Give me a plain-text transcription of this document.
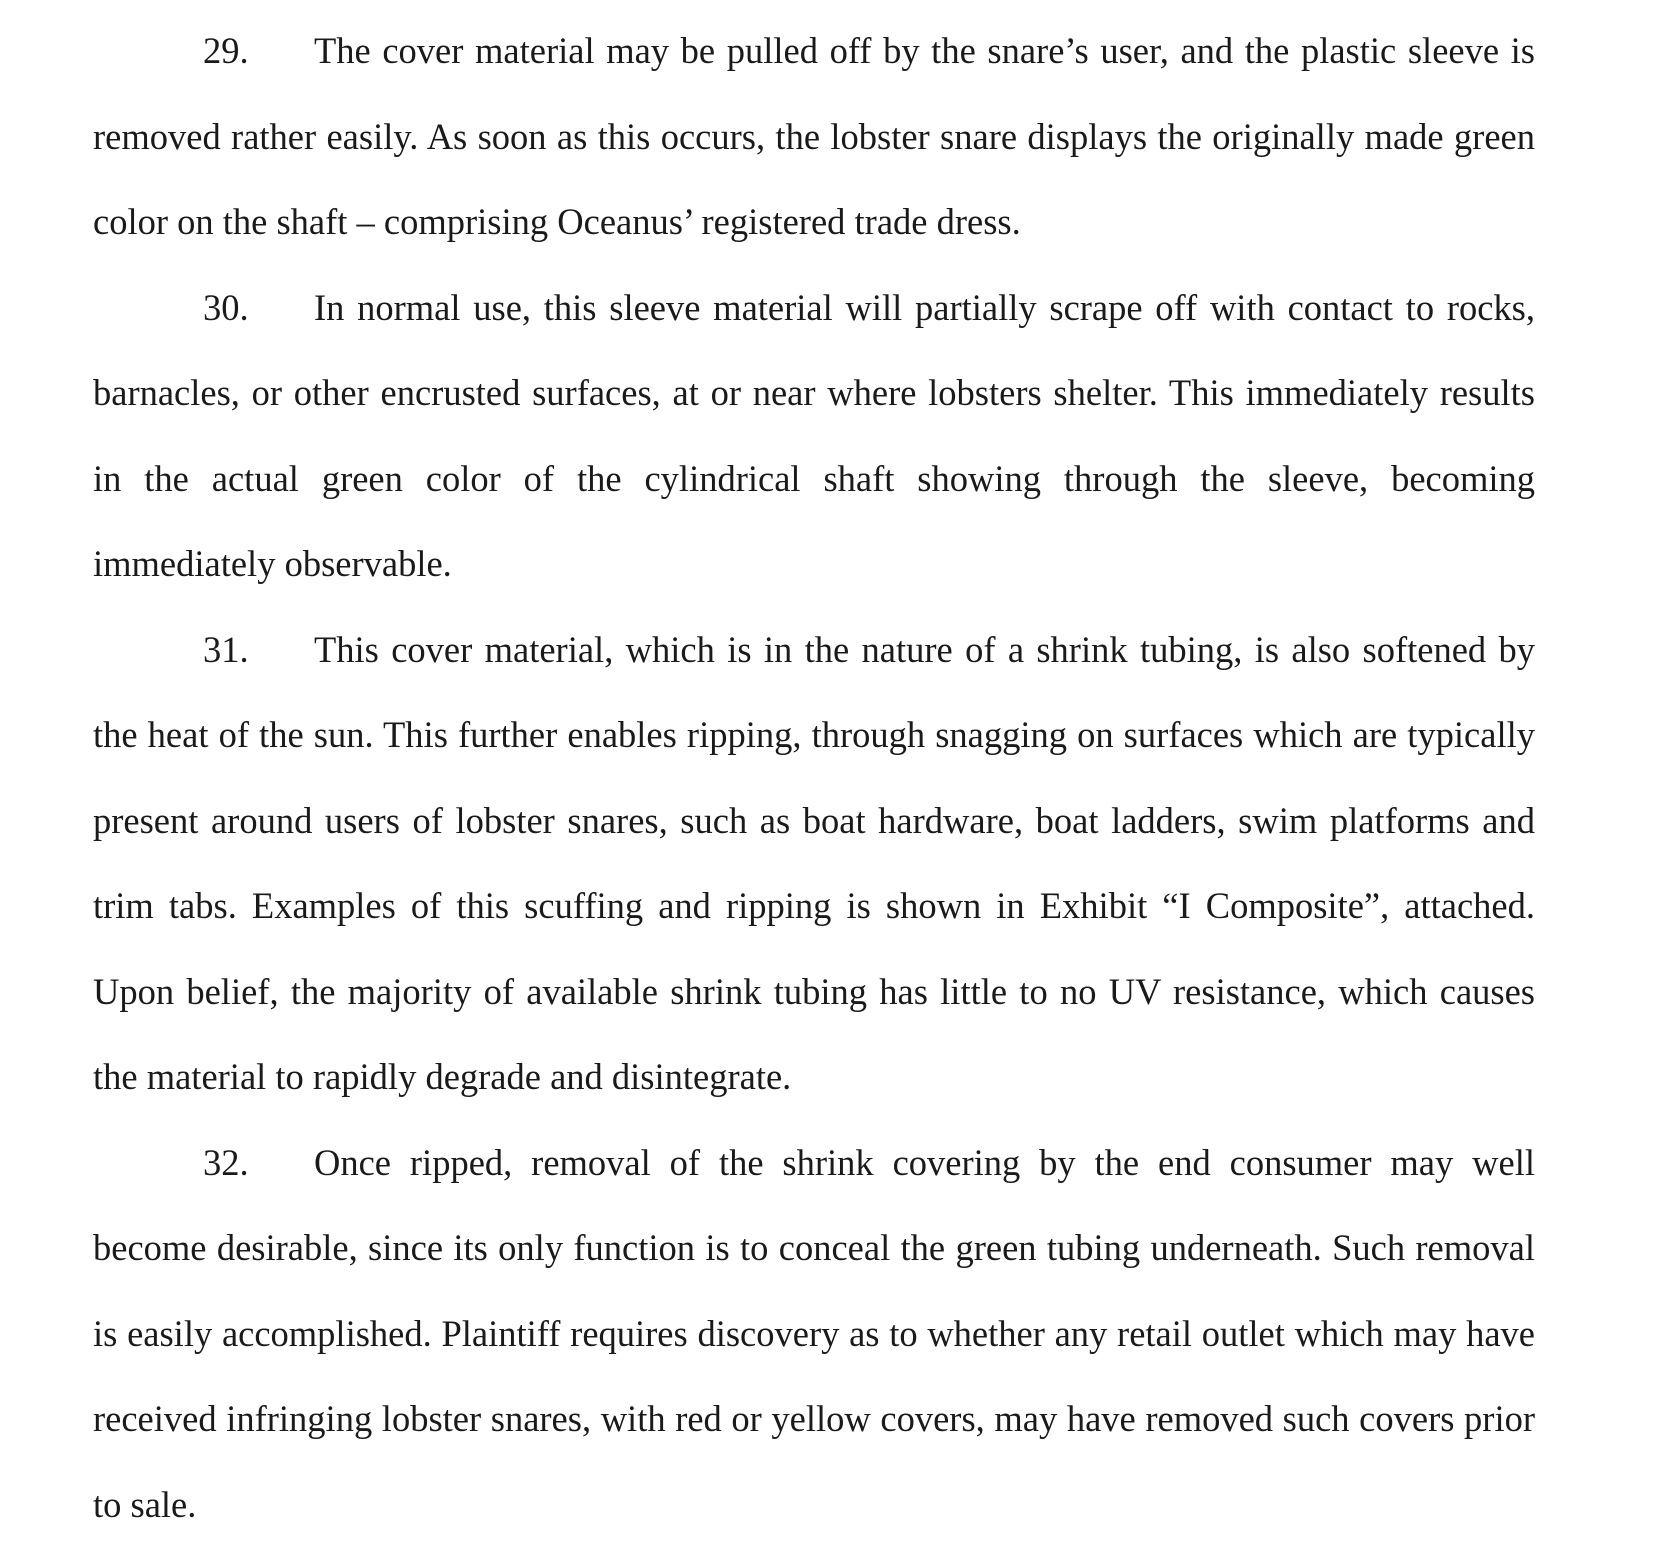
29. The cover material may be pulled off by the snare’s user, and the plastic sleeve is removed rather easily. As soon as this occurs, the lobster snare displays the originally made green color on the shaft – comprising Oceanus’ registered trade dress.

30. In normal use, this sleeve material will partially scrape off with contact to rocks, barnacles, or other encrusted surfaces, at or near where lobsters shelter. This immediately results in the actual green color of the cylindrical shaft showing through the sleeve, becoming immediately observable.

31. This cover material, which is in the nature of a shrink tubing, is also softened by the heat of the sun. This further enables ripping, through snagging on surfaces which are typically present around users of lobster snares, such as boat hardware, boat ladders, swim platforms and trim tabs. Examples of this scuffing and ripping is shown in Exhibit “I Composite”, attached. Upon belief, the majority of available shrink tubing has little to no UV resistance, which causes the material to rapidly degrade and disintegrate.

32. Once ripped, removal of the shrink covering by the end consumer may well become desirable, since its only function is to conceal the green tubing underneath. Such removal is easily accomplished. Plaintiff requires discovery as to whether any retail outlet which may have received infringing lobster snares, with red or yellow covers, may have removed such covers prior to sale.
